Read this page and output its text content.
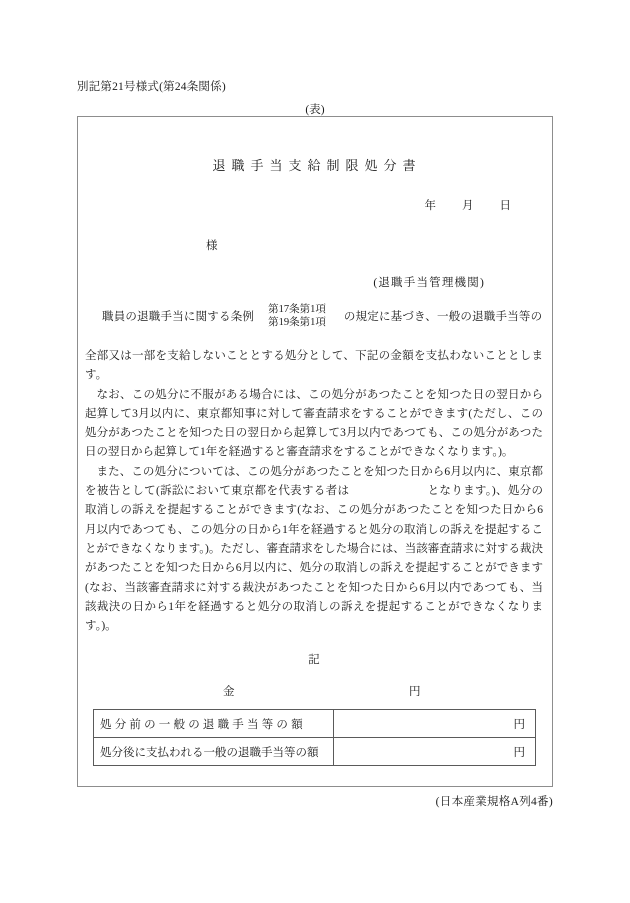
別記第21号様式(第24条関係)
(表)
退職手当支給制限処分書
年 月 日
様
(退職手当管理機関)
職員の退職手当に関する条例
第17条第1項
第19条第1項 の規定に基づき、一般の退職手当等の

全部又は一部を支給しないこととする処分として、下記の金額を支払わないこととします。

なお、この処分に不服がある場合には、この処分があつたことを知つた日の翌日から起算して3月以内に、東京都知事に対して審査請求をすることができます(ただし、この処分があつたことを知つた日の翌日から起算して3月以内であつても、この処分があつた日の翌日から起算して1年を経過すると審査請求をすることができなくなります。)。

また、この処分については、この処分があつたことを知つた日から6月以内に、東京都を被告として(訴訟において東京都を代表する者は	となります。)、処分の取消しの訴えを提起することができます(なお、この処分があつたことを知つた日から6月以内であつても、この処分の日から1年を経過すると処分の取消しの訴えを提起することができなくなります。)。ただし、審査請求をした場合には、当該審査請求に対する裁決があつたことを知つた日から6月以内に、処分の取消しの訴えを提起することができます(なお、当該審査請求に対する裁決があつたことを知つた日から6月以内であつても、当該裁決の日から1年を経過すると処分の取消しの訴えを提起することができなくなります。)。

記
金	円
処分前の一般の退職手当等の額	円
処分後に支払われる一般の退職手当等の額	円
(日本産業規格A列4番)
